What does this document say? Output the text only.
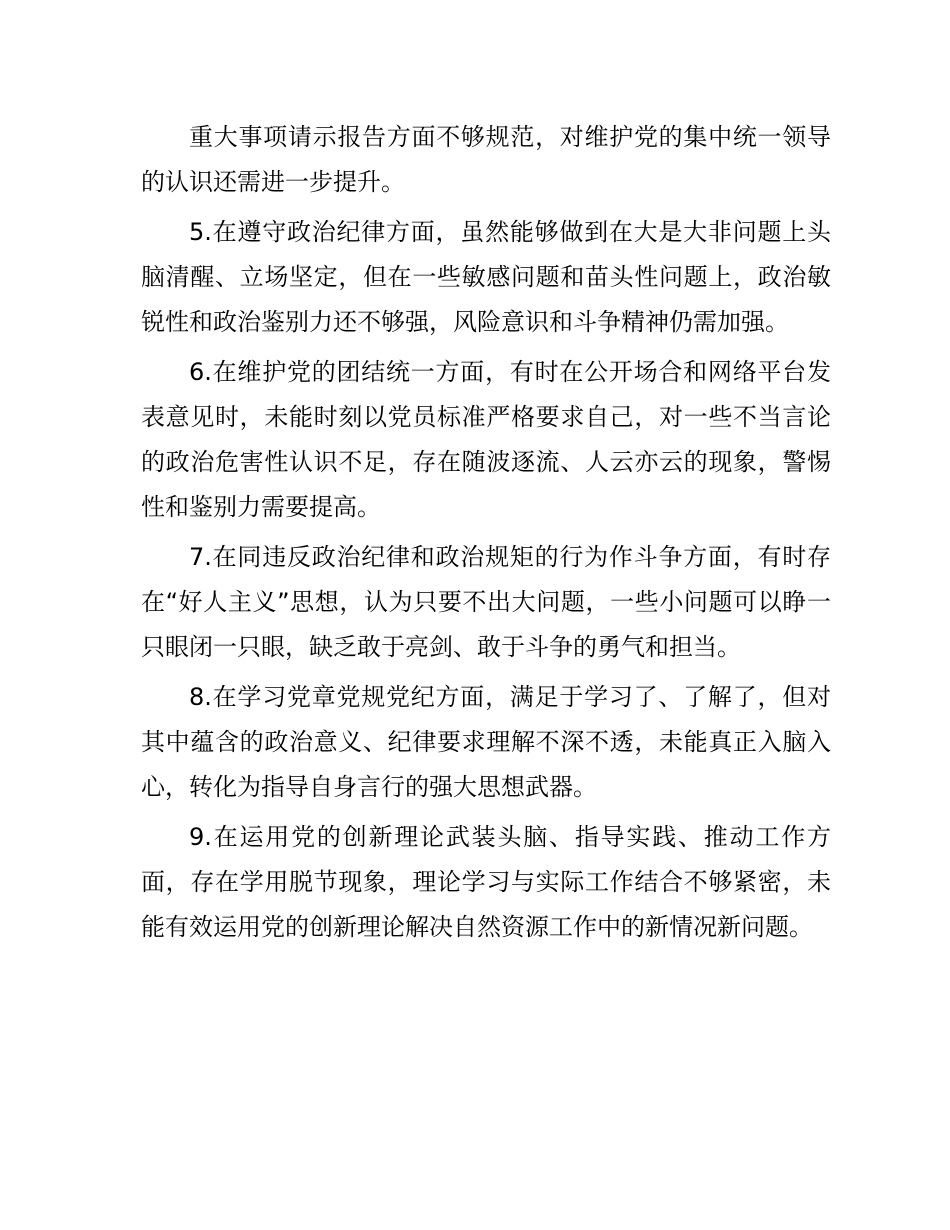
重大事项请示报告方面不够规范，对维护党的集中统一领导的认识还需进一步提升。

5.在遵守政治纪律方面，虽然能够做到在大是大非问题上头脑清醒、立场坚定，但在一些敏感问题和苗头性问题上，政治敏锐性和政治鉴别力还不够强，风险意识和斗争精神仍需加强。

6.在维护党的团结统一方面，有时在公开场合和网络平台发表意见时，未能时刻以党员标准严格要求自己，对一些不当言论的政治危害性认识不足，存在随波逐流、人云亦云的现象，警惕性和鉴别力需要提高。

7.在同违反政治纪律和政治规矩的行为作斗争方面，有时存在“好人主义”思想，认为只要不出大问题，一些小问题可以睁一只眼闭一只眼，缺乏敢于亮剑、敢于斗争的勇气和担当。

8.在学习党章党规党纪方面，满足于学习了、了解了，但对其中蕴含的政治意义、纪律要求理解不深不透，未能真正入脑入心，转化为指导自身言行的强大思想武器。

9.在运用党的创新理论武装头脑、指导实践、推动工作方面，存在学用脱节现象，理论学习与实际工作结合不够紧密，未能有效运用党的创新理论解决自然资源工作中的新情况新问题。
